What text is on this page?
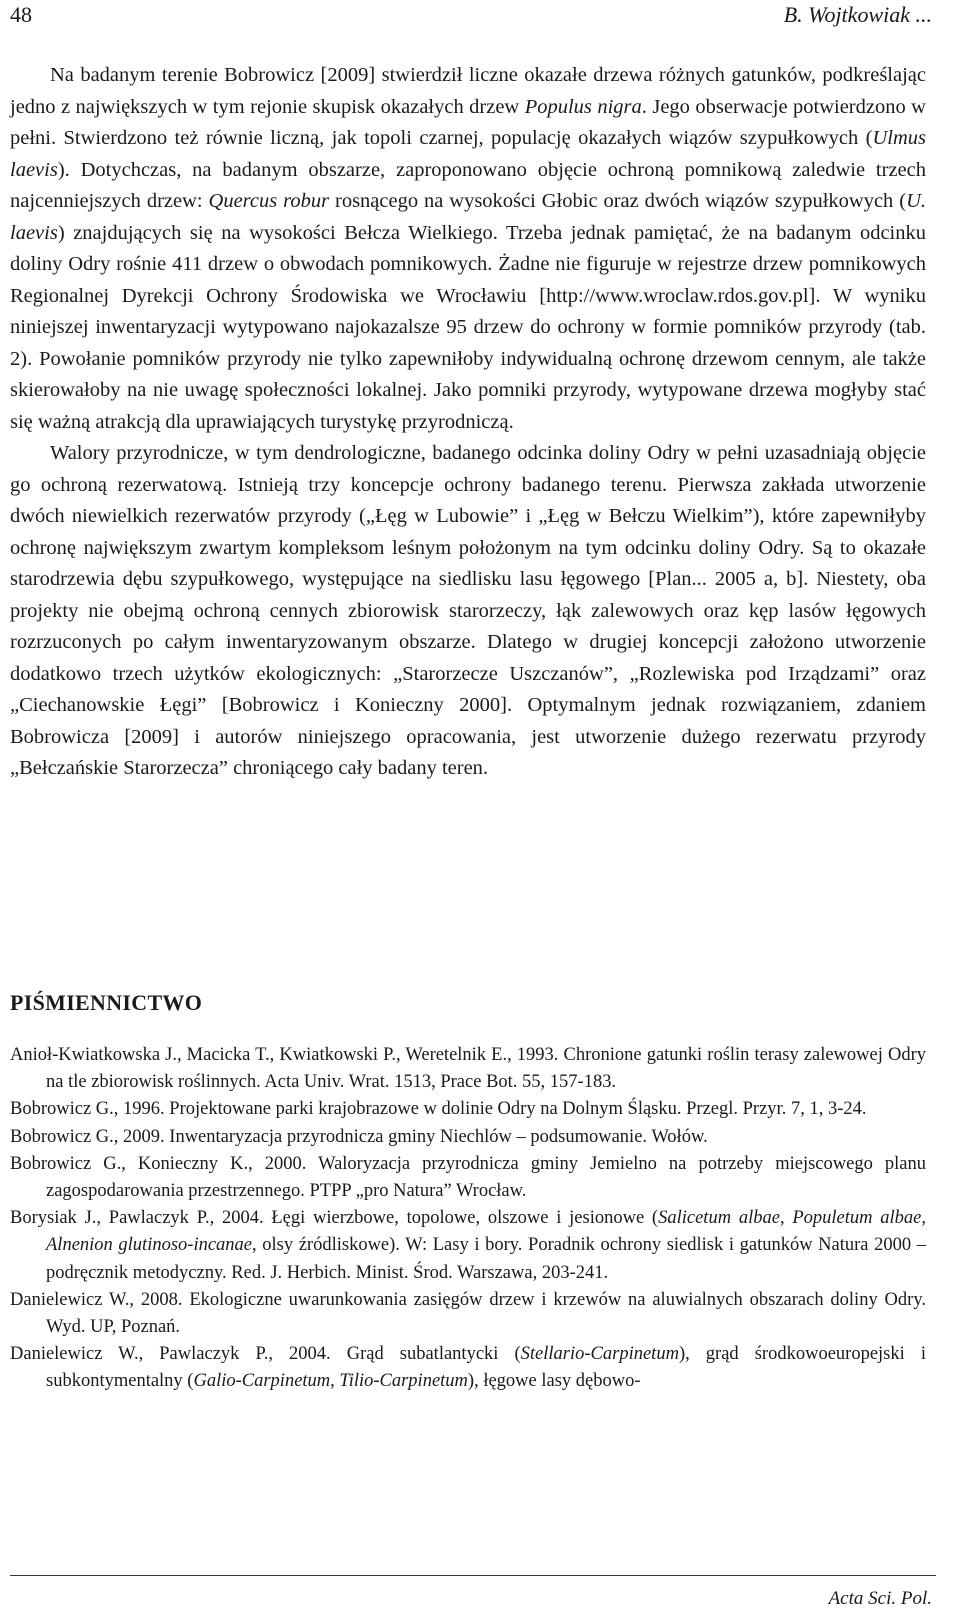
48	B. Wojtkowiak ...

Na badanym terenie Bobrowicz [2009] stwierdził liczne okazałe drzewa różnych gatunków, podkreślając jedno z największych w tym rejonie skupisk okazałych drzew Populus nigra. Jego obserwacje potwierdzono w pełni. Stwierdzono też równie liczną, jak topoli czarnej, populację okazałych wiązów szypułkowych (Ulmus laevis). Dotychczas, na badanym obszarze, zaproponowano objęcie ochroną pomnikową zaledwie trzech najcenniejszych drzew: Quercus robur rosnącego na wysokości Głobic oraz dwóch wiązów szypułkowych (U. laevis) znajdujących się na wysokości Bełcza Wielkiego. Trzeba jednak pamiętać, że na badanym odcinku doliny Odry rośnie 411 drzew o obwodach pomnikowych. Żadne nie figuruje w rejestrze drzew pomnikowych Regionalnej Dyrekcji Ochrony Środowiska we Wrocławiu [http://www.wroclaw.rdos.gov.pl]. W wyniku niniejszej inwentaryzacji wytypowano najokazalsze 95 drzew do ochrony w formie pomników przyrody (tab. 2). Powołanie pomników przyrody nie tylko zapewniłoby indywidualną ochronę drzewom cennym, ale także skierowałoby na nie uwagę społeczności lokalnej. Jako pomniki przyrody, wytypowane drzewa mogłyby stać się ważną atrakcją dla uprawiających turystykę przyrodniczą.

Walory przyrodnicze, w tym dendrologiczne, badanego odcinka doliny Odry w pełni uzasadniają objęcie go ochroną rezerwatową. Istnieją trzy koncepcje ochrony badanego terenu. Pierwsza zakłada utworzenie dwóch niewielkich rezerwatów przyrody („Łęg w Lubowie” i „Łęg w Bełczu Wielkim”), które zapewniłyby ochronę największym zwartym kompleksom leśnym położonym na tym odcinku doliny Odry. Są to okazałe starodrzewia dębu szypułkowego, występujące na siedlisku lasu łęgowego [Plan... 2005 a, b]. Niestety, oba projekty nie obejmą ochroną cennych zbiorowisk starorzeczy, łąk zalewowych oraz kęp lasów łęgowych rozrzuconych po całym inwentaryzowanym obszarze. Dlatego w drugiej koncepcji założono utworzenie dodatkowo trzech użytków ekologicznych: „Starorzecze Uszczanów”, „Rozlewiska pod Irządzami” oraz „Ciechanowskie Łęgi” [Bobrowicz i Konieczny 2000]. Optymalnym jednak rozwiązaniem, zdaniem Bobrowicza [2009] i autorów niniejszego opracowania, jest utworzenie dużego rezerwatu przyrody „Bełczańskie Starorzecza” chroniącego cały badany teren.

PIŚMIENNICTWO

Anioł-Kwiatkowska J., Macicka T., Kwiatkowski P., Weretelnik E., 1993. Chronione gatunki roślin terasy zalewowej Odry na tle zbiorowisk roślinnych. Acta Univ. Wrat. 1513, Prace Bot. 55, 157-183.

Bobrowicz G., 1996. Projektowane parki krajobrazowe w dolinie Odry na Dolnym Śląsku. Przegl. Przyr. 7, 1, 3-24.

Bobrowicz G., 2009. Inwentaryzacja przyrodnicza gminy Niechlów – podsumowanie. Wołów.

Bobrowicz G., Konieczny K., 2000. Waloryzacja przyrodnicza gminy Jemielno na potrzeby miejscowego planu zagospodarowania przestrzennego. PTPP „pro Natura” Wrocław.

Borysiak J., Pawlaczyk P., 2004. Łęgi wierzbowe, topolowe, olszowe i jesionowe (Salicetum albae, Populetum albae, Alnenion glutinoso-incanae, olsy źródliskowe). W: Lasy i bory. Poradnik ochrony siedlisk i gatunków Natura 2000 – podręcznik metodyczny. Red. J. Herbich. Minist. Środ. Warszawa, 203-241.

Danielewicz W., 2008. Ekologiczne uwarunkowania zasięgów drzew i krzewów na aluwialnych obszarach doliny Odry. Wyd. UP, Poznań.

Danielewicz W., Pawlaczyk P., 2004. Grąd subatlantycki (Stellario-Carpinetum), grąd środkowoeuropejski i subkontymentalny (Galio-Carpinetum, Tilio-Carpinetum), łęgowe lasy dębowo-

Acta Sci. Pol.
